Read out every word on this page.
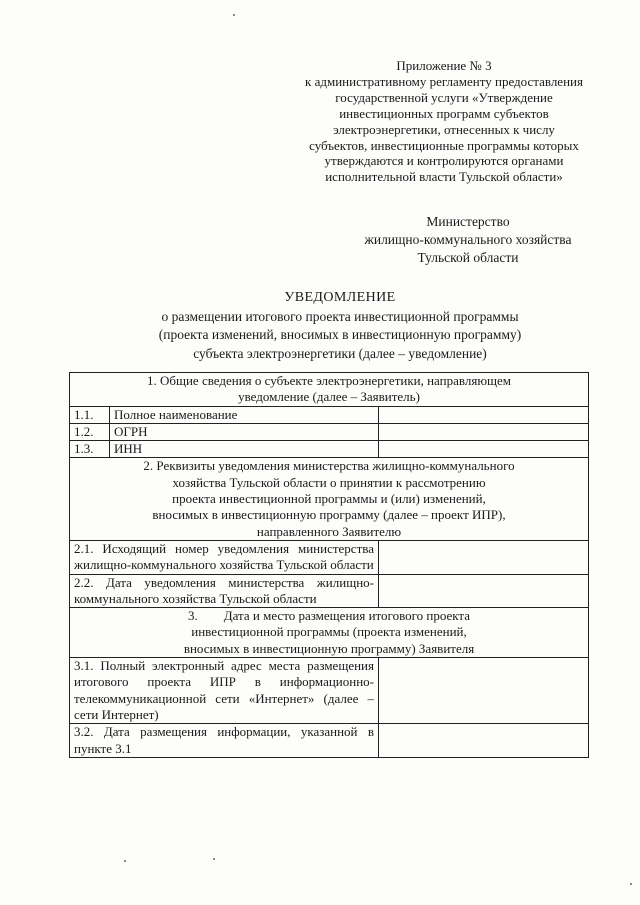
Приложение № 3
к административному регламенту предоставления
государственной услуги «Утверждение
инвестиционных программ субъектов
электроэнергетики, отнесенных к числу
субъектов, инвестиционные программы которых
утверждаются и контролируются органами
исполнительной власти Тульской области»
Министерство
жилищно-коммунального хозяйства
Тульской области
УВЕДОМЛЕНИЕ
о размещении итогового проекта инвестиционной программы
(проекта изменений, вносимых в инвестиционную программу)
субъекта электроэнергетики (далее – уведомление)
1. Общие сведения о субъекте электроэнергетики, направляющем
уведомление (далее – Заявитель)		

1.1.	Полное наименование	
1.2.	ОГРН	
1.3.	ИНН	

2. Реквизиты уведомления министерства жилищно-коммунального
хозяйства Тульской области о принятии к рассмотрению
проекта инвестиционной программы и (или) изменений,
вносимых в инвестиционную программу (далее – проект ИПР),
направленного Заявителю		

2.1. Исходящий номер уведомления министерства жилищно-коммунального хозяйства Тульской области		
2.2. Дата уведомления министерства жилищно-коммунального хозяйства Тульской области		

3.        Дата и место размещения итогового проекта
инвестиционной программы (проекта изменений,
вносимых в инвестиционную программу) Заявителя		

3.1. Полный электронный адрес места размещения итогового проекта ИПР в информационно-телекоммуникационной сети «Интернет» (далее – сети Интернет)		
3.2. Дата размещения информации, указанной в пункте 3.1		
